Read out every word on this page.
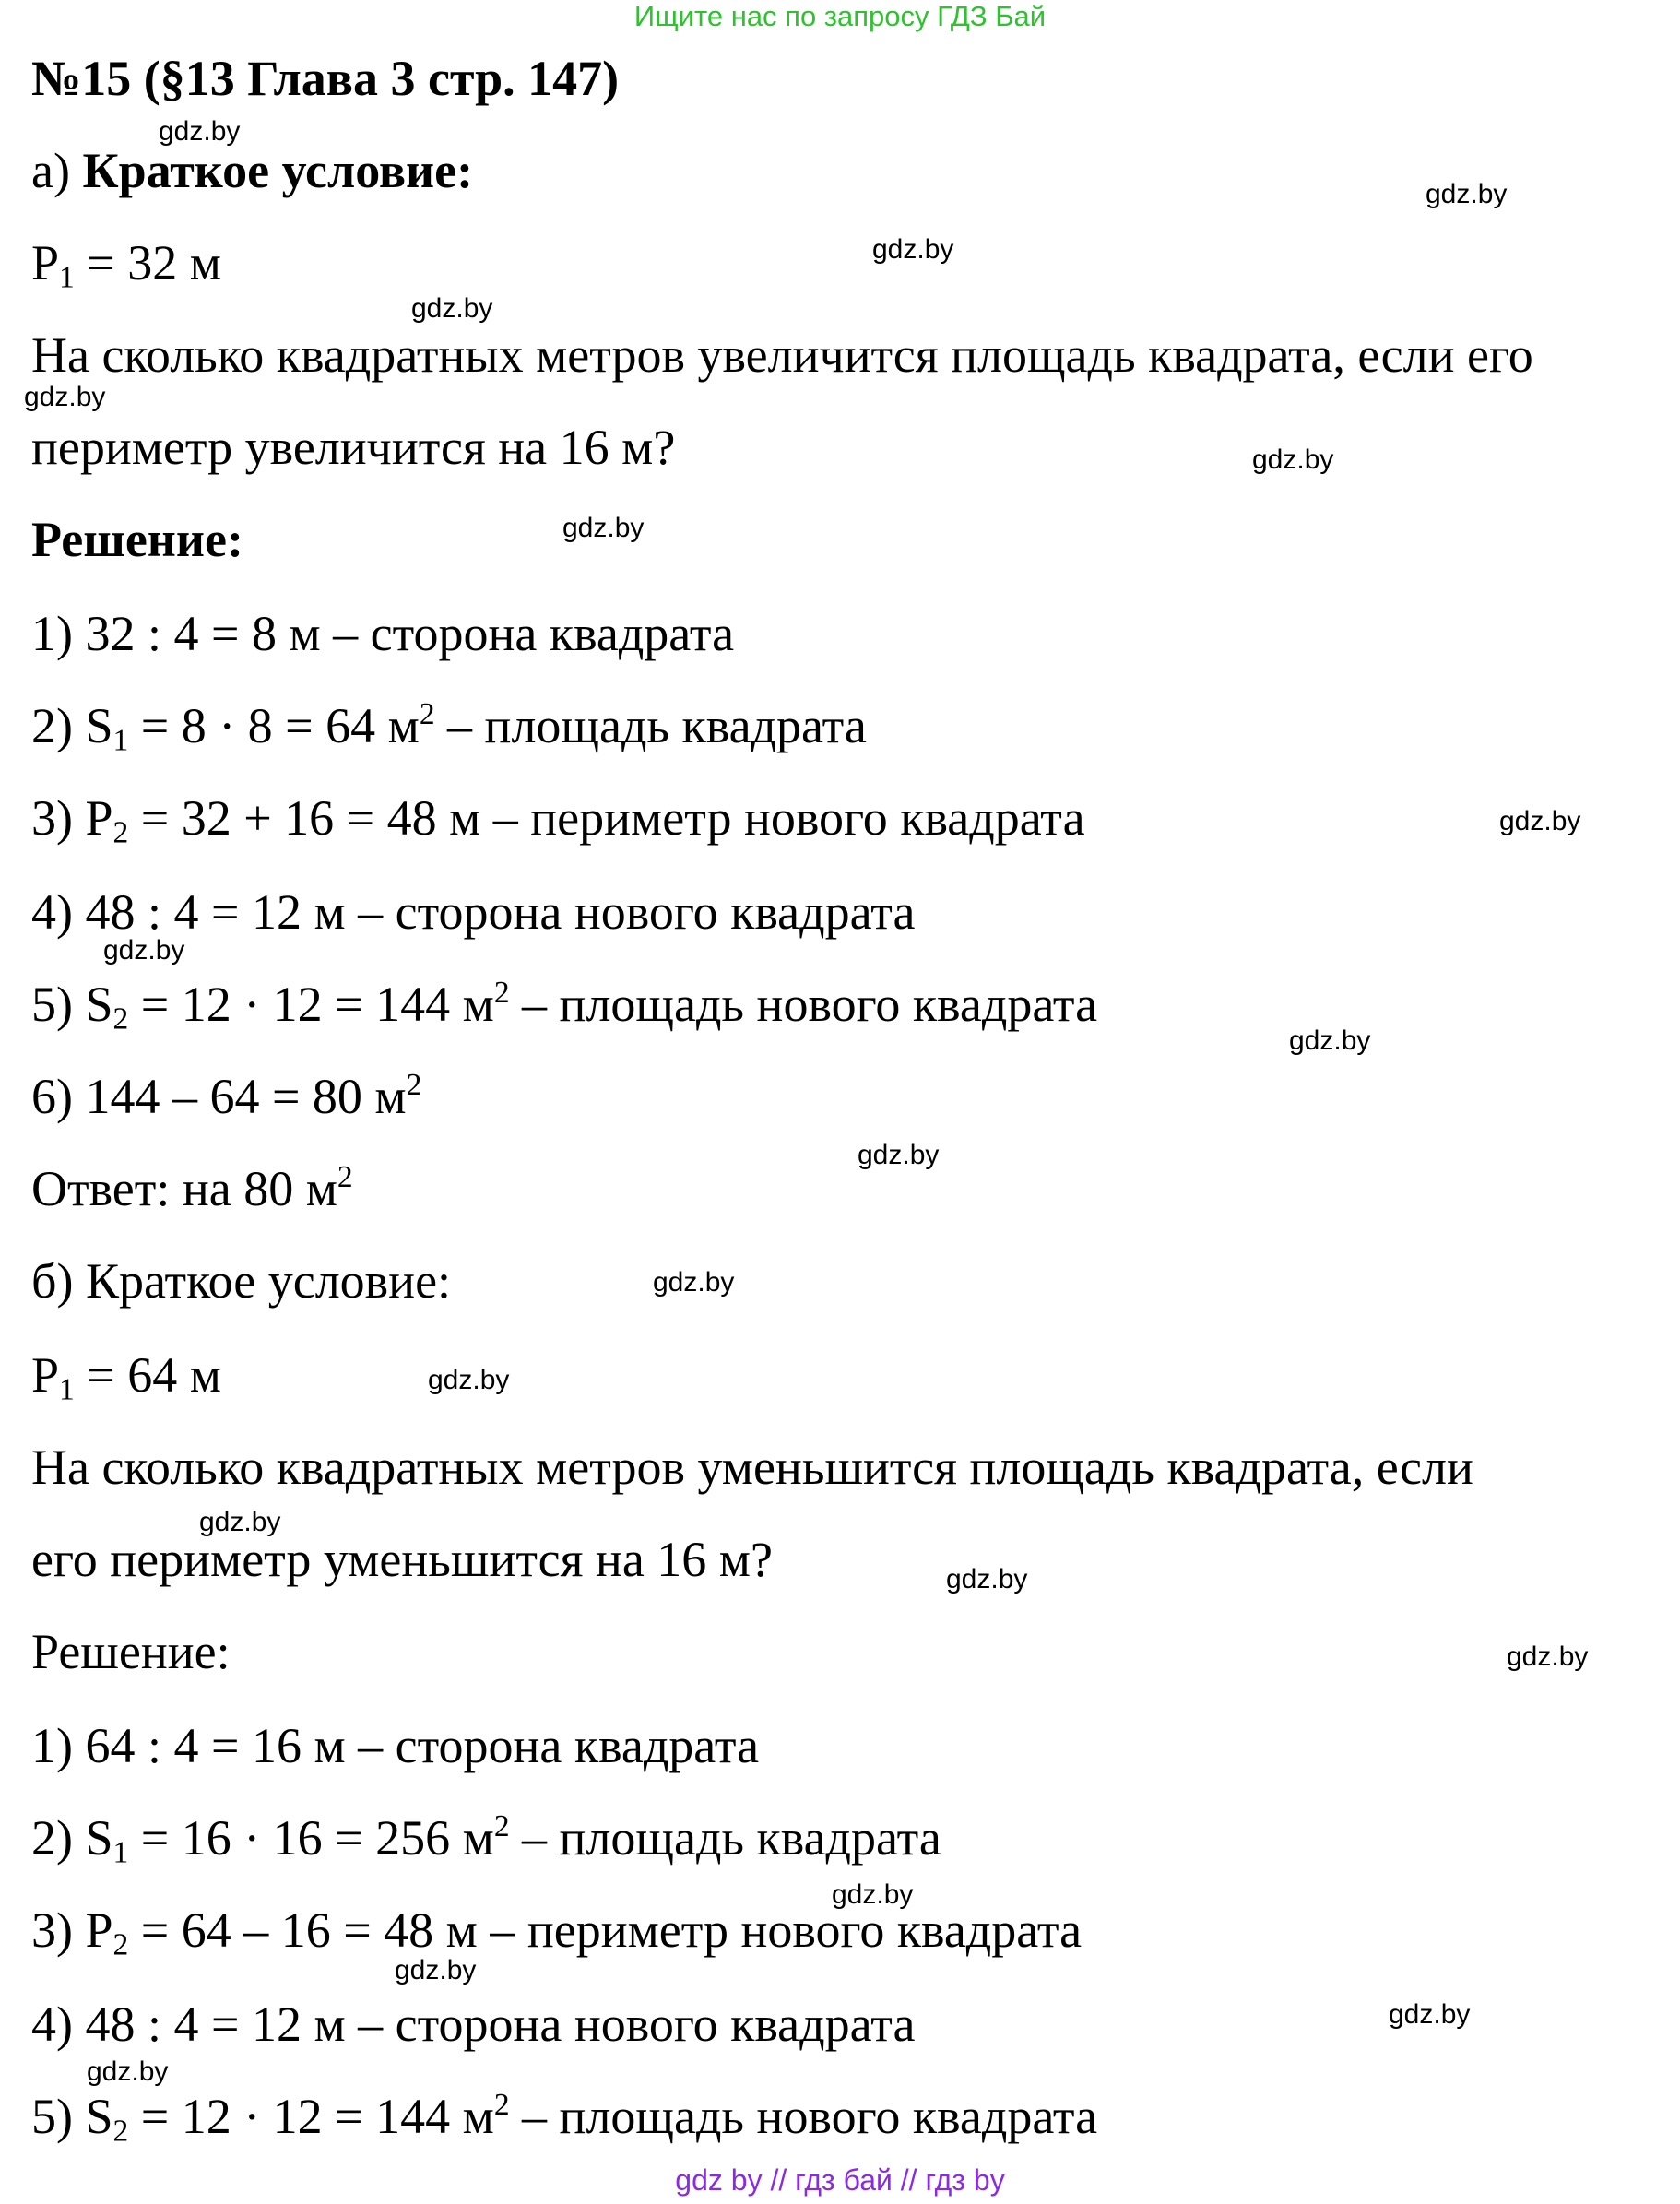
Ищите нас по запросу ГДЗ Бай
№15 (§13 Глава 3 стр. 147)
а) Краткое условие:
$P_1 = 32$ м
На сколько квадратных метров увеличится площадь квадрата, если его
периметр увеличится на 16 м?
Решение:
1) 32 : 4 = 8 м – сторона квадрата
2) $S_1 = 8 \cdot 8 = 64$ $м^2$ – площадь квадрата
3) $P_2 = 32 + 16 = 48$ м – периметр нового квадрата
4) 48 : 4 = 12 м – сторона нового квадрата
5) $S_2 = 12 \cdot 12 = 144$ $м^2$ – площадь нового квадрата
6) 144 – 64 = 80 $м^2$
Ответ: на 80 $м^2$
б) Краткое условие:
$P_1 = 64$ м
На сколько квадратных метров уменьшится площадь квадрата, если
его периметр уменьшится на 16 м?
Решение:
1) 64 : 4 = 16 м – сторона квадрата
2) $S_1 = 16 \cdot 16 = 256$ $м^2$ – площадь квадрата
3) $P_2 = 64 - 16 = 48$ м – периметр нового квадрата
4) 48 : 4 = 12 м – сторона нового квадрата
5) $S_2 = 12 \cdot 12 = 144$ $м^2$ – площадь нового квадрата
gdz.by
gdz.by
gdz.by
gdz.by
gdz.by
gdz.by
gdz.by
gdz.by
gdz.by
gdz.by
gdz.by
gdz.by
gdz.by
gdz.by
gdz.by
gdz.by
gdz.by
gdz.by
gdz.by
gdz.by
gdz by // гдз бай // гдз by
